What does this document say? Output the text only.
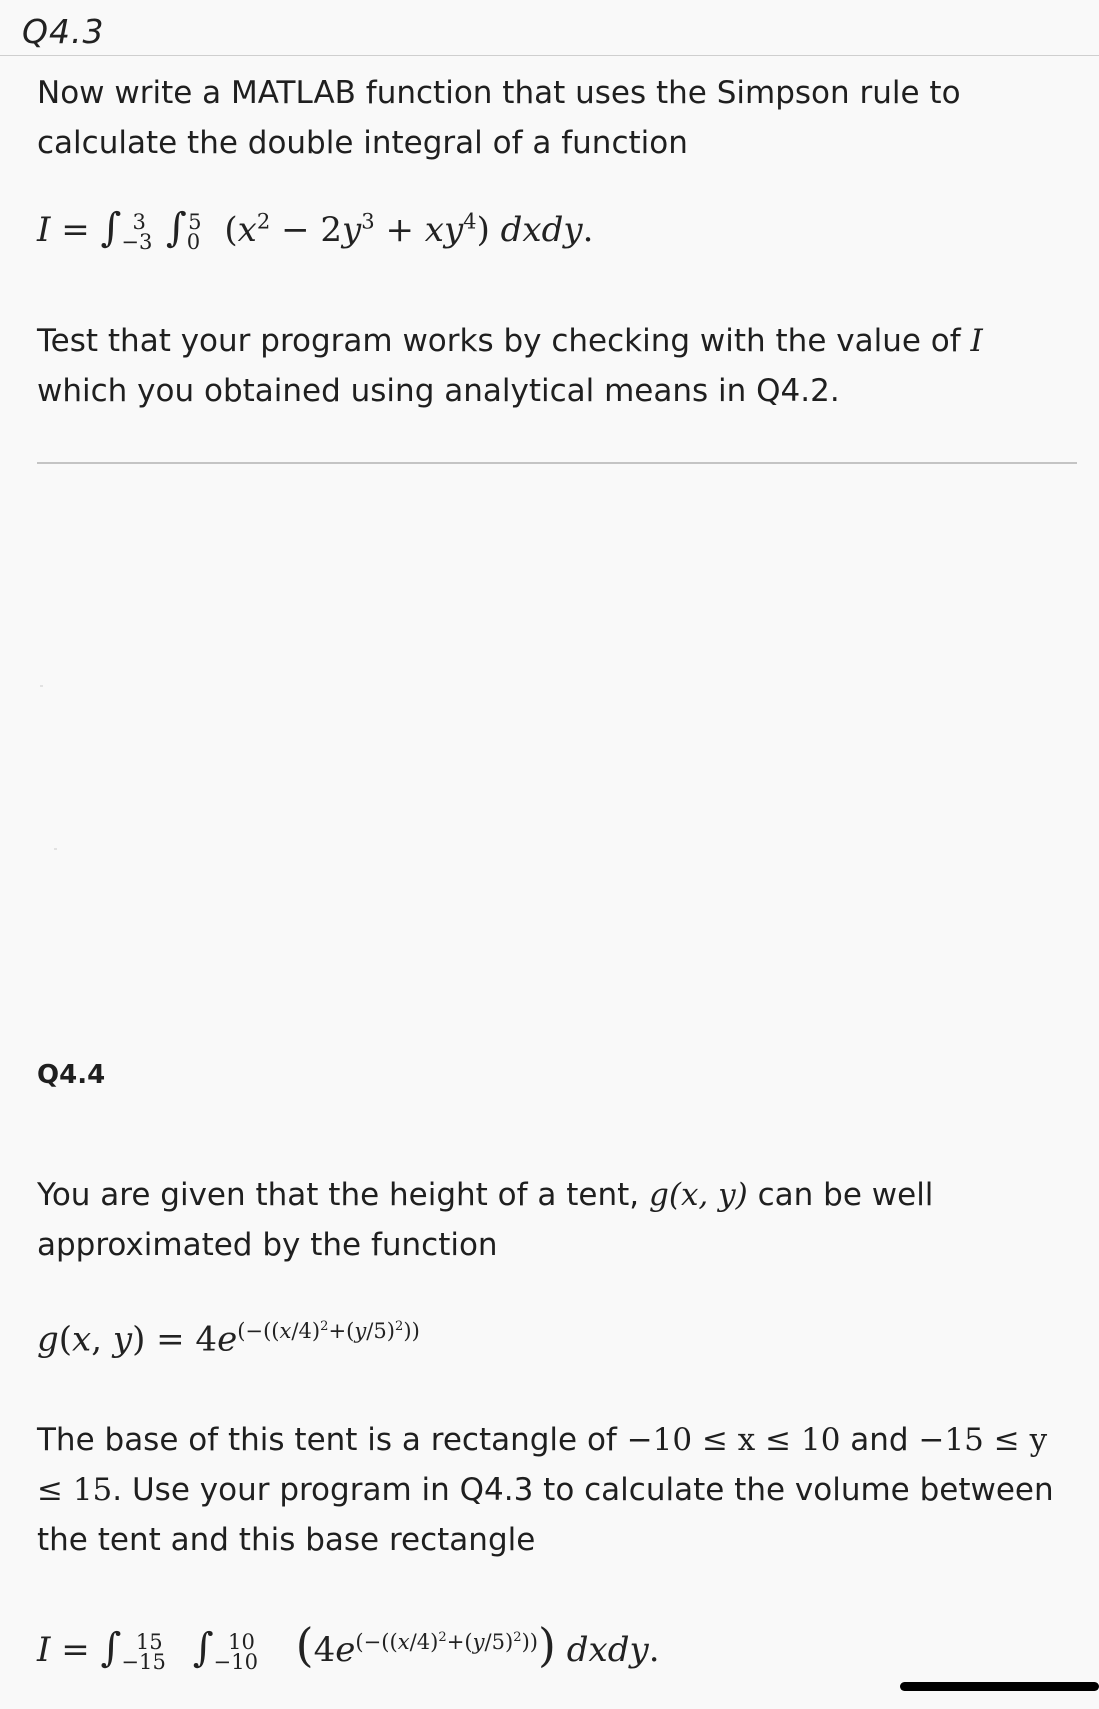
Q4.3
Now write a MATLAB function that uses the Simpson rule to calculate the double integral of a function
$I = \int_{-3}^3$ $\int_0^5$ $(x^2 - 2y^3 + xy^4)$ dxdy.
Test that your program works by checking with the value of I which you obtained using analytical means in Q4.2.
Q4.4
You are given that the height of a tent, g(x, y) can be well approximated by the function
g(x, $y) = 4e^{(-((x/4)^2+(y/5)^2))}$
The base of this tent is a rectangle of −10 ≤ x ≤ 10 and −15 ≤ y ≤ 15. Use your program in Q4.3 to calculate the volume between the tent and this base rectangle
$I = \int_{-15}^{15}$ $\int_{-10}^{10}$ $(4e^{(-((x/4)^2+(y/5)^2))})$ dxdy.
